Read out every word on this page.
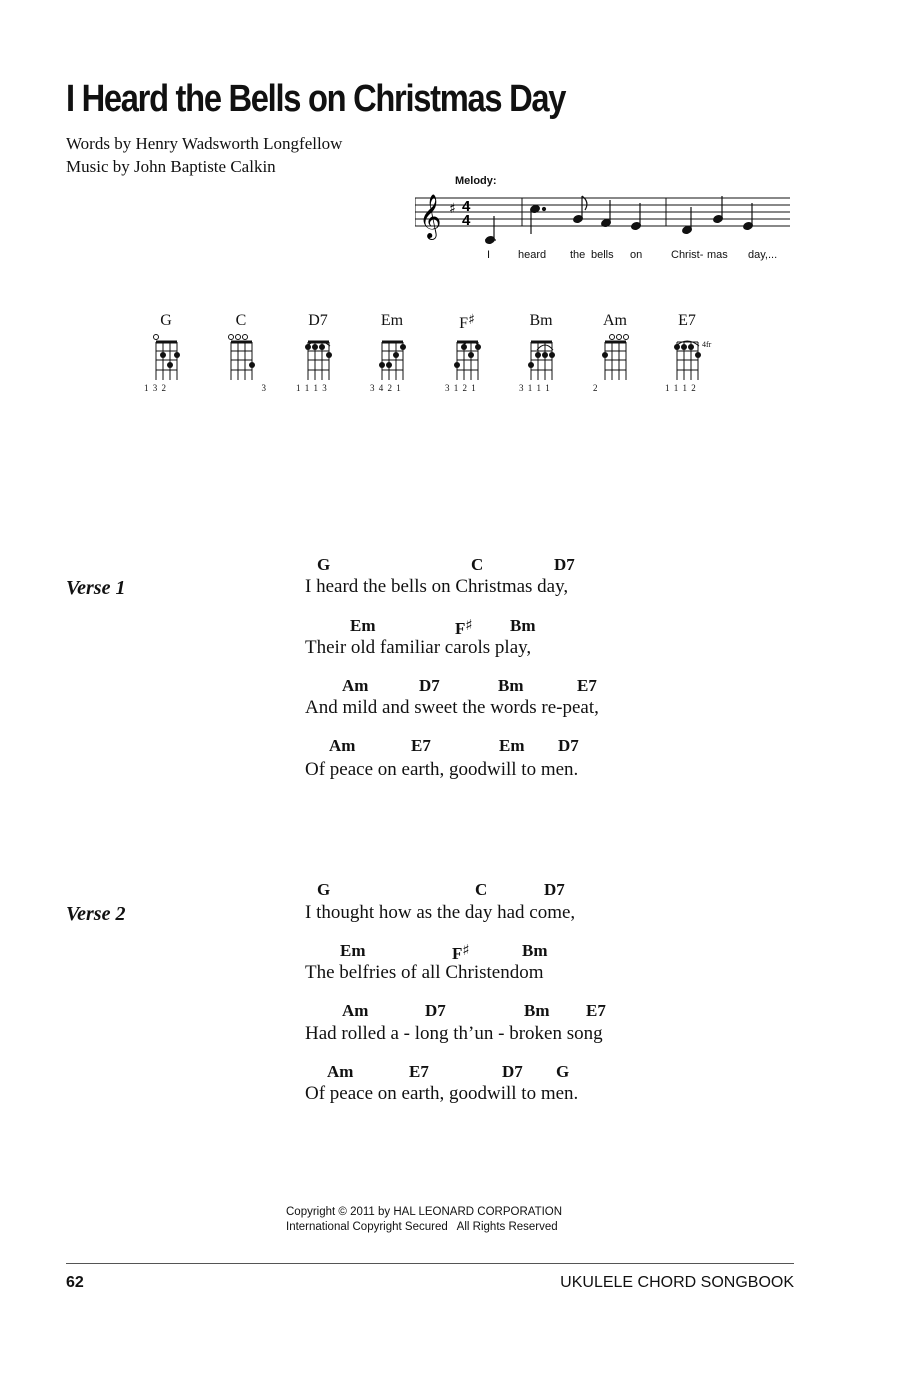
I Heard the Bells on Christmas Day
Words by Henry Wadsworth Longfellow
Music by John Baptiste Calkin
Melody:
𝄞 ♯ 4
4
I	heard the bells on	Christ- mas day,...
G
1 3 2
C
3
D7
1 1 1 3
Em
3 4 2 1
F♯
3 1 2 1
Bm
3 1 1 1
Am
2
E7
4fr
1 1 1 2
Verse 1
G	C	D7
I heard the bells on Christmas day,
Em	F♯ Bm
Their old familiar carols play,
Am	D7	Bm	E7
And mild and sweet the words re-peat,
Am	E7	Em D7
Of peace on earth, goodwill to men.
Verse 2
G	C	D7
I thought how as the day had come,
Em	F♯	Bm
The belfries of all Christendom
Am	D7	Bm E7
Had rolled a - long th’un - broken song
Am	E7	D7 G
Of peace on earth, goodwill to men.
Copyright © 2011 by HAL LEONARD CORPORATION
International Copyright Secured   All Rights Reserved
62	UKULELE CHORD SONGBOOK
